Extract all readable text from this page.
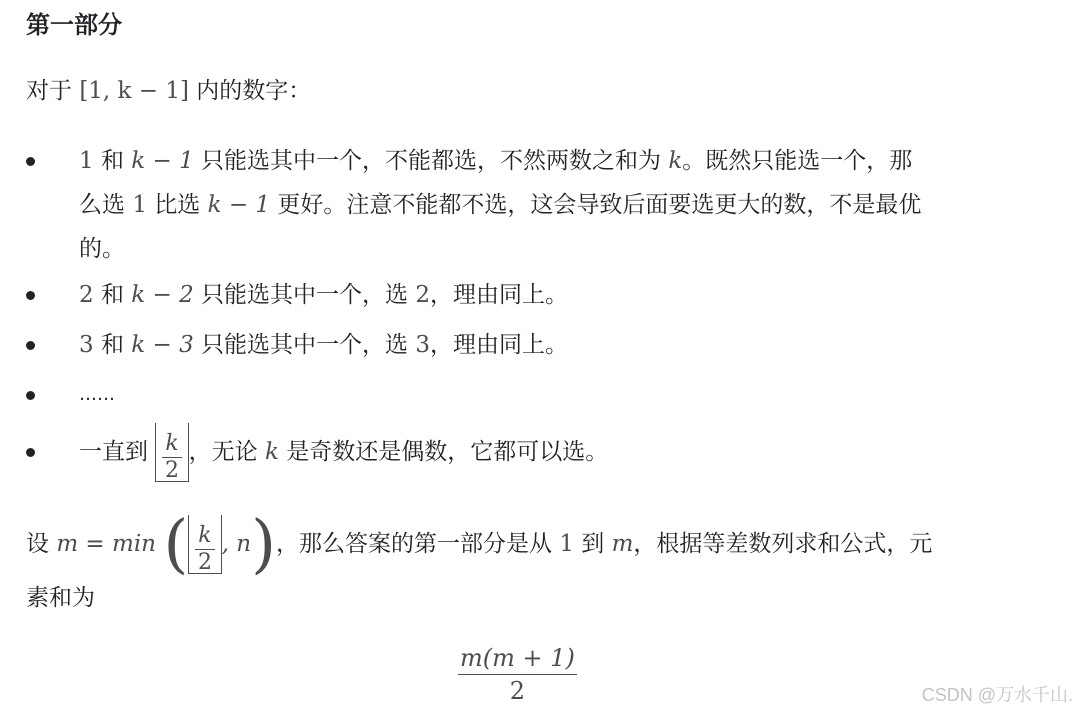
第一部分
对于 [1, k − 1] 内的数字：
1 和 k − 1 只能选其中一个，不能都选，不然两数之和为 k。既然只能选一个，那
么选 1 比选 k − 1 更好。注意不能都不选，这会导致后面要选更大的数，不是最优
的。
2 和 k − 2 只能选其中一个，选 2，理由同上。
3 和 k − 3 只能选其中一个，选 3，理由同上。
……
一直到 $\frac{k}{2}$ ，无论 k 是奇数还是偶数，它都可以选。
设 m = min ( $\frac{k}{2}$ , n)，那么答案的第一部分是从 1 到 m，根据等差数列求和公式，元
素和为
$\frac{m(m + 1)}{2}$	CSDN @万水千山.
